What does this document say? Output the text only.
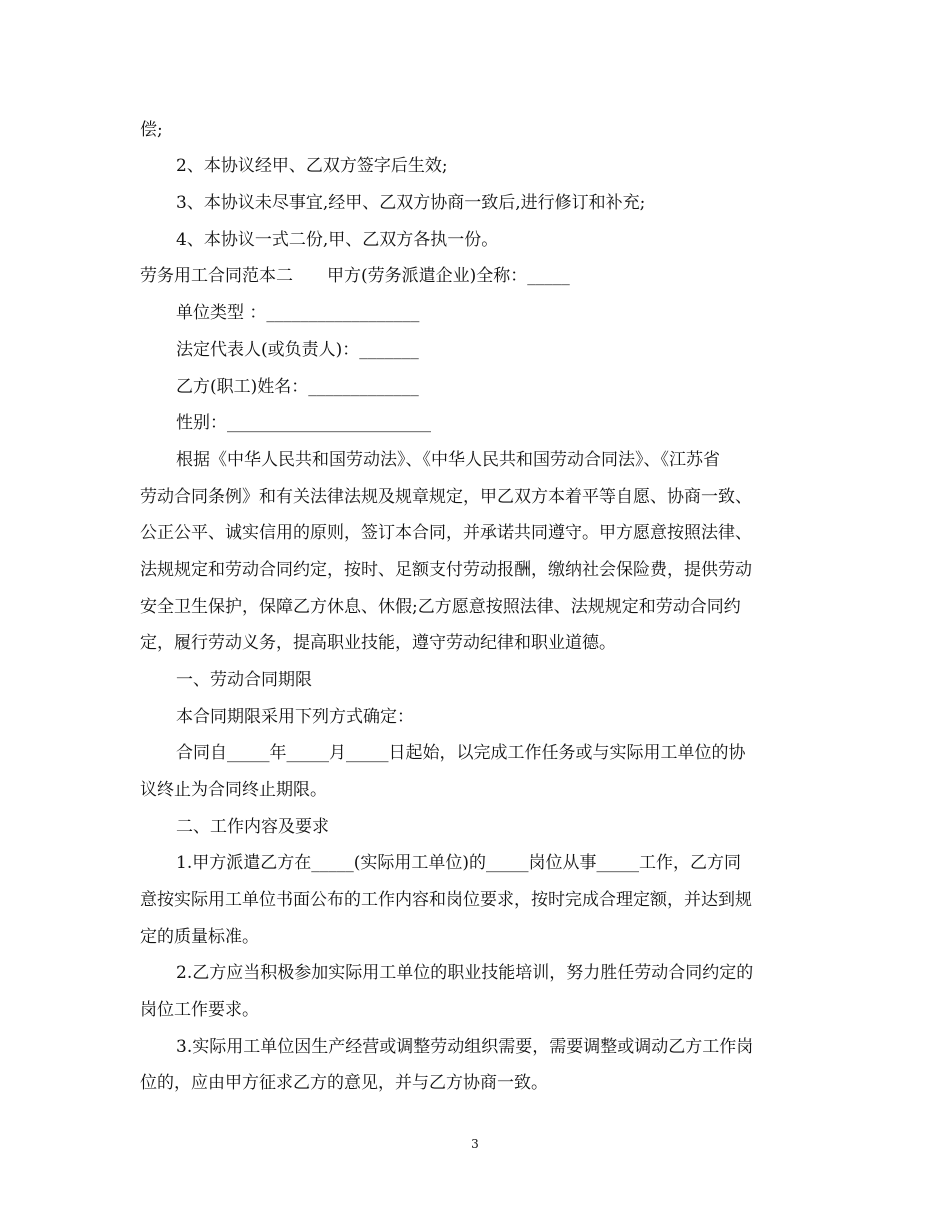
偿;
2、本协议经甲、乙双方签字后生效;
3、本协议未尽事宜,经甲、乙双方协商一致后,进行修订和补充;
4、本协议一式二份,甲、乙双方各执一份。
劳务用工合同范本二　　甲方(劳务派遣企业)全称：_____
单位类型 ：__________________
法定代表人(或负责人)：_______
乙方(职工)姓名：_____________
性别：________________________
根据《中华人民共和国劳动法》、《中华人民共和国劳动合同法》、《江苏省
劳动合同条例》和有关法律法规及规章规定，甲乙双方本着平等自愿、协商一致、
公正公平、诚实信用的原则，签订本合同，并承诺共同遵守。甲方愿意按照法律、
法规规定和劳动合同约定，按时、足额支付劳动报酬，缴纳社会保险费，提供劳动
安全卫生保护，保障乙方休息、休假;乙方愿意按照法律、法规规定和劳动合同约
定，履行劳动义务，提高职业技能，遵守劳动纪律和职业道德。
一、劳动合同期限
本合同期限采用下列方式确定：
合同自_____年_____月_____日起始，以完成工作任务或与实际用工单位的协
议终止为合同终止期限。
二、工作内容及要求
1.甲方派遣乙方在_____(实际用工单位)的_____岗位从事_____工作，乙方同
意按实际用工单位书面公布的工作内容和岗位要求，按时完成合理定额，并达到规
定的质量标准。
2.乙方应当积极参加实际用工单位的职业技能培训，努力胜任劳动合同约定的
岗位工作要求。
3.实际用工单位因生产经营或调整劳动组织需要，需要调整或调动乙方工作岗
位的，应由甲方征求乙方的意见，并与乙方协商一致。
3
